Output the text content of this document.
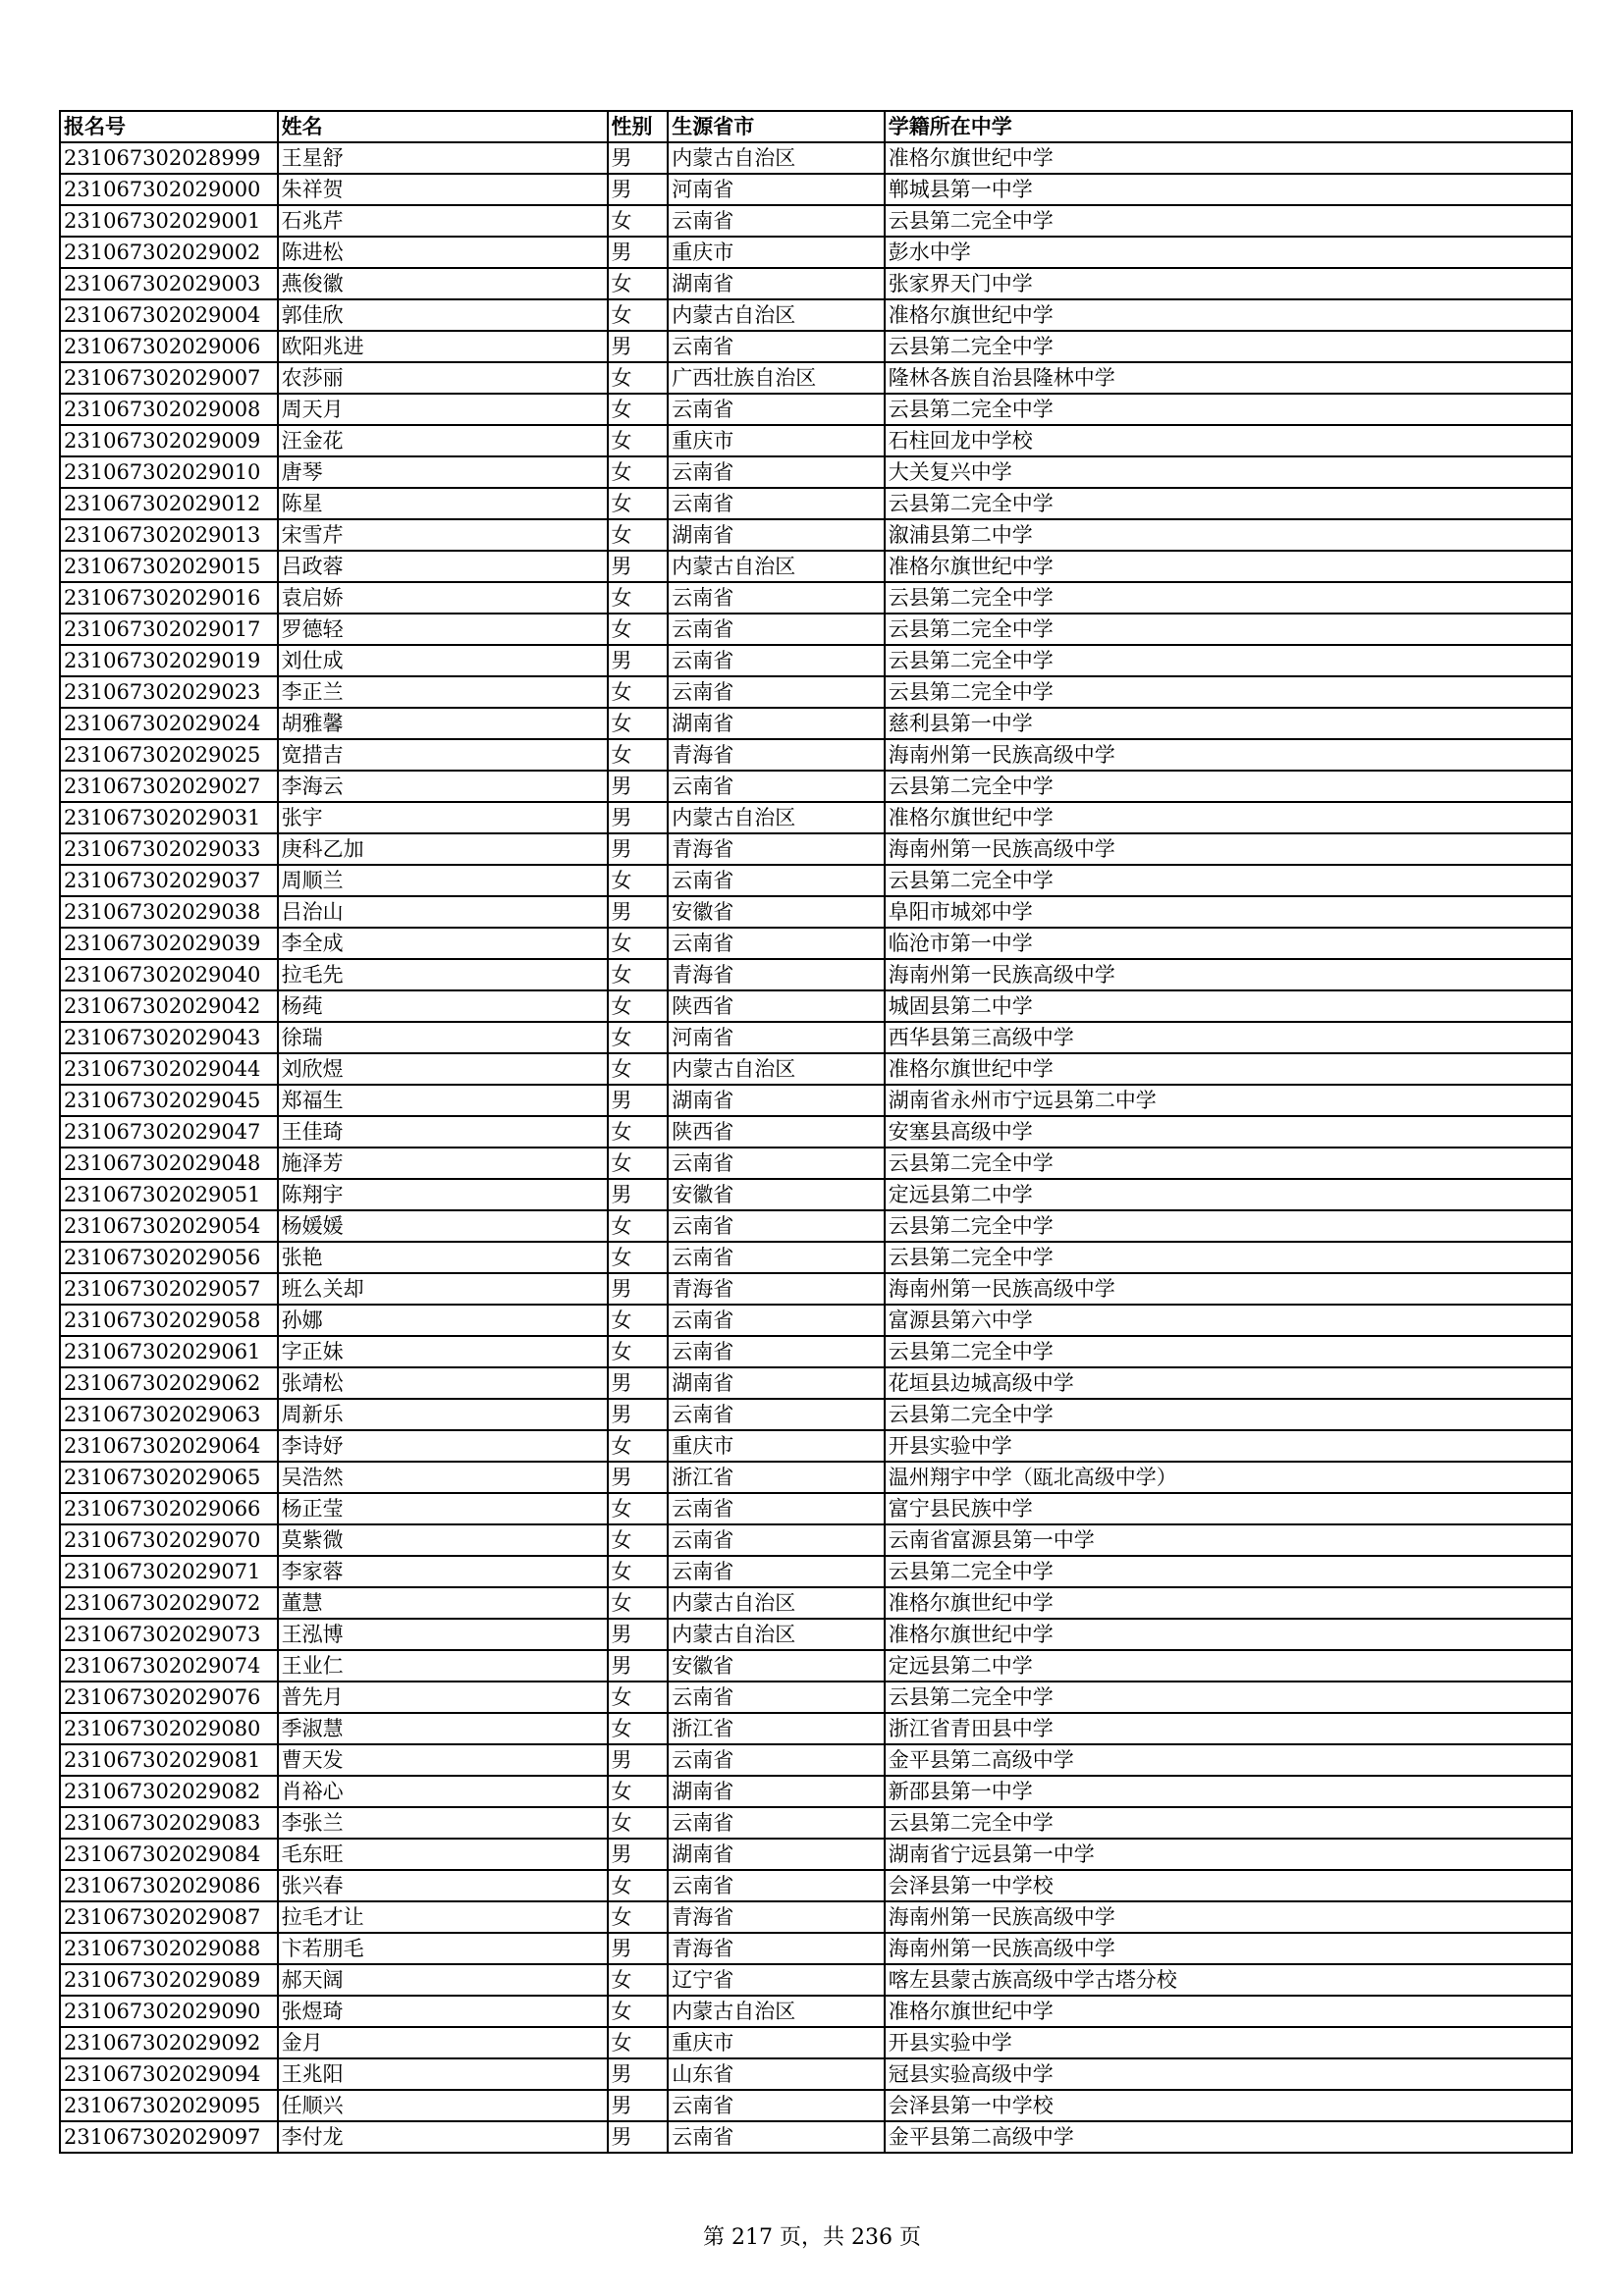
报名号	姓名	性别	生源省市	学籍所在中学
231067302028999	王星舒	男	内蒙古自治区	准格尔旗世纪中学
231067302029000	朱祥贺	男	河南省	郸城县第一中学
231067302029001	石兆芹	女	云南省	云县第二完全中学
231067302029002	陈进松	男	重庆市	彭水中学
231067302029003	燕俊徽	女	湖南省	张家界天门中学
231067302029004	郭佳欣	女	内蒙古自治区	准格尔旗世纪中学
231067302029006	欧阳兆进	男	云南省	云县第二完全中学
231067302029007	农莎丽	女	广西壮族自治区	隆林各族自治县隆林中学
231067302029008	周天月	女	云南省	云县第二完全中学
231067302029009	汪金花	女	重庆市	石柱回龙中学校
231067302029010	唐琴	女	云南省	大关复兴中学
231067302029012	陈星	女	云南省	云县第二完全中学
231067302029013	宋雪芹	女	湖南省	溆浦县第二中学
231067302029015	吕政蓉	男	内蒙古自治区	准格尔旗世纪中学
231067302029016	袁启娇	女	云南省	云县第二完全中学
231067302029017	罗德轻	女	云南省	云县第二完全中学
231067302029019	刘仕成	男	云南省	云县第二完全中学
231067302029023	李正兰	女	云南省	云县第二完全中学
231067302029024	胡雅馨	女	湖南省	慈利县第一中学
231067302029025	宽措吉	女	青海省	海南州第一民族高级中学
231067302029027	李海云	男	云南省	云县第二完全中学
231067302029031	张宇	男	内蒙古自治区	准格尔旗世纪中学
231067302029033	庚科乙加	男	青海省	海南州第一民族高级中学
231067302029037	周顺兰	女	云南省	云县第二完全中学
231067302029038	吕治山	男	安徽省	阜阳市城郊中学
231067302029039	李全成	女	云南省	临沧市第一中学
231067302029040	拉毛先	女	青海省	海南州第一民族高级中学
231067302029042	杨莼	女	陕西省	城固县第二中学
231067302029043	徐瑞	女	河南省	西华县第三高级中学
231067302029044	刘欣煜	女	内蒙古自治区	准格尔旗世纪中学
231067302029045	郑福生	男	湖南省	湖南省永州市宁远县第二中学
231067302029047	王佳琦	女	陕西省	安塞县高级中学
231067302029048	施泽芳	女	云南省	云县第二完全中学
231067302029051	陈翔宇	男	安徽省	定远县第二中学
231067302029054	杨媛媛	女	云南省	云县第二完全中学
231067302029056	张艳	女	云南省	云县第二完全中学
231067302029057	班么关却	男	青海省	海南州第一民族高级中学
231067302029058	孙娜	女	云南省	富源县第六中学
231067302029061	字正妹	女	云南省	云县第二完全中学
231067302029062	张靖松	男	湖南省	花垣县边城高级中学
231067302029063	周新乐	男	云南省	云县第二完全中学
231067302029064	李诗妤	女	重庆市	开县实验中学
231067302029065	吴浩然	男	浙江省	温州翔宇中学（瓯北高级中学）
231067302029066	杨正莹	女	云南省	富宁县民族中学
231067302029070	莫紫微	女	云南省	云南省富源县第一中学
231067302029071	李家蓉	女	云南省	云县第二完全中学
231067302029072	董慧	女	内蒙古自治区	准格尔旗世纪中学
231067302029073	王泓博	男	内蒙古自治区	准格尔旗世纪中学
231067302029074	王业仁	男	安徽省	定远县第二中学
231067302029076	普先月	女	云南省	云县第二完全中学
231067302029080	季淑慧	女	浙江省	浙江省青田县中学
231067302029081	曹天发	男	云南省	金平县第二高级中学
231067302029082	肖裕心	女	湖南省	新邵县第一中学
231067302029083	李张兰	女	云南省	云县第二完全中学
231067302029084	毛东旺	男	湖南省	湖南省宁远县第一中学
231067302029086	张兴春	女	云南省	会泽县第一中学校
231067302029087	拉毛才让	女	青海省	海南州第一民族高级中学
231067302029088	卞若朋毛	男	青海省	海南州第一民族高级中学
231067302029089	郝天阔	女	辽宁省	喀左县蒙古族高级中学古塔分校
231067302029090	张煜琦	女	内蒙古自治区	准格尔旗世纪中学
231067302029092	金月	女	重庆市	开县实验中学
231067302029094	王兆阳	男	山东省	冠县实验高级中学
231067302029095	任顺兴	男	云南省	会泽县第一中学校
231067302029097	李付龙	男	云南省	金平县第二高级中学
第 217 页，共 236 页
